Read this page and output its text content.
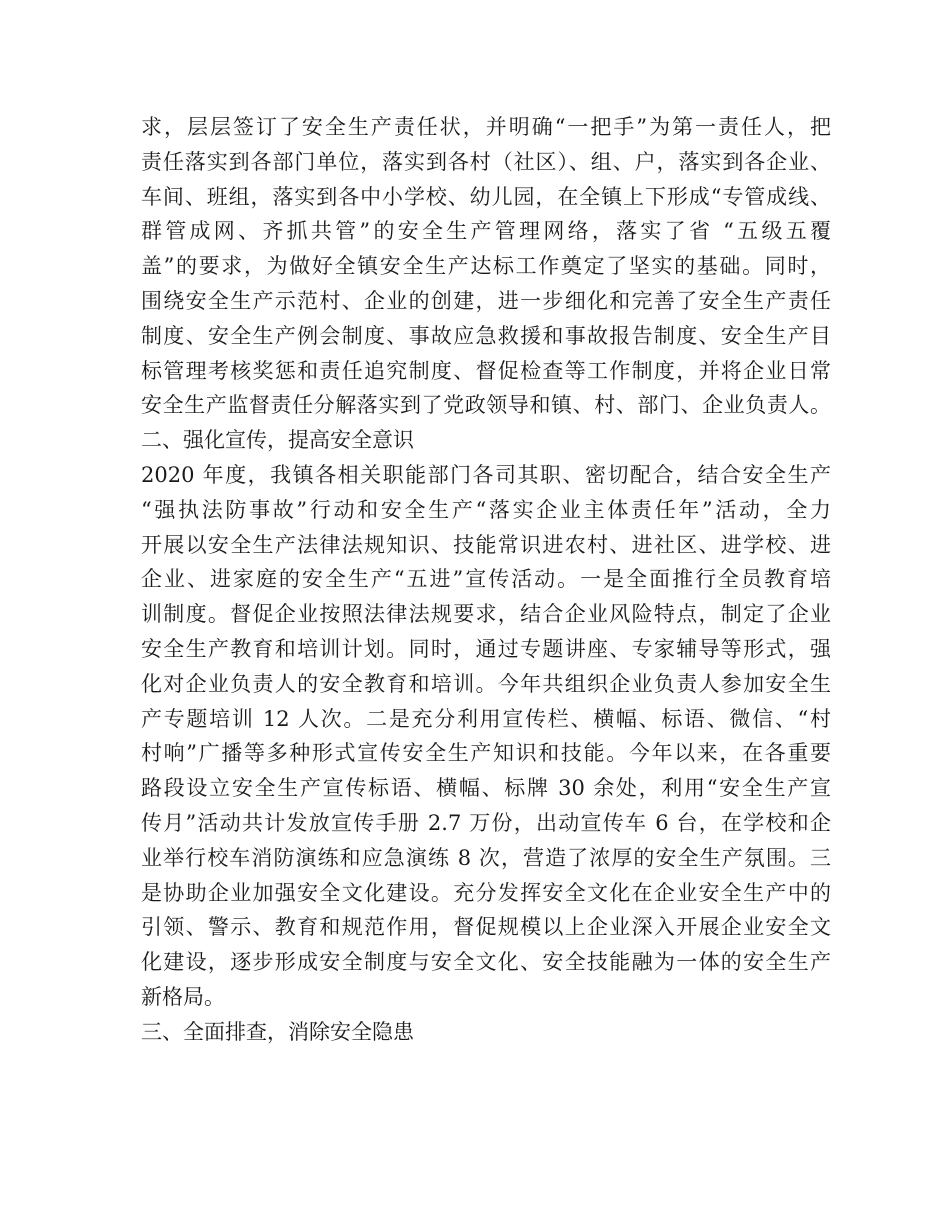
求，层层签订了安全生产责任状，并明确“一把手”为第一责任人，把
责任落实到各部门单位，落实到各村（社区）、组、户，落实到各企业、
车间、班组，落实到各中小学校、幼儿园，在全镇上下形成“专管成线、
群管成网、齐抓共管”的安全生产管理网络，落实了省 “五级五覆
盖”的要求，为做好全镇安全生产达标工作奠定了坚实的基础。同时，
围绕安全生产示范村、企业的创建，进一步细化和完善了安全生产责任
制度、安全生产例会制度、事故应急救援和事故报告制度、安全生产目
标管理考核奖惩和责任追究制度、督促检查等工作制度，并将企业日常
安全生产监督责任分解落实到了党政领导和镇、村、部门、企业负责人。
二、强化宣传，提高安全意识
2020 年度，我镇各相关职能部门各司其职、密切配合，结合安全生产
“强执法防事故”行动和安全生产“落实企业主体责任年”活动，全力
开展以安全生产法律法规知识、技能常识进农村、进社区、进学校、进
企业、进家庭的安全生产“五进”宣传活动。一是全面推行全员教育培
训制度。督促企业按照法律法规要求，结合企业风险特点，制定了企业
安全生产教育和培训计划。同时，通过专题讲座、专家辅导等形式，强
化对企业负责人的安全教育和培训。今年共组织企业负责人参加安全生
产专题培训 12 人次。二是充分利用宣传栏、横幅、标语、微信、“村
村响”广播等多种形式宣传安全生产知识和技能。今年以来，在各重要
路段设立安全生产宣传标语、横幅、标牌 30 余处，利用“安全生产宣
传月”活动共计发放宣传手册 2.7 万份，出动宣传车 6 台，在学校和企
业举行校车消防演练和应急演练 8 次，营造了浓厚的安全生产氛围。三
是协助企业加强安全文化建设。充分发挥安全文化在企业安全生产中的
引领、警示、教育和规范作用，督促规模以上企业深入开展企业安全文
化建设，逐步形成安全制度与安全文化、安全技能融为一体的安全生产
新格局。
三、全面排查，消除安全隐患
